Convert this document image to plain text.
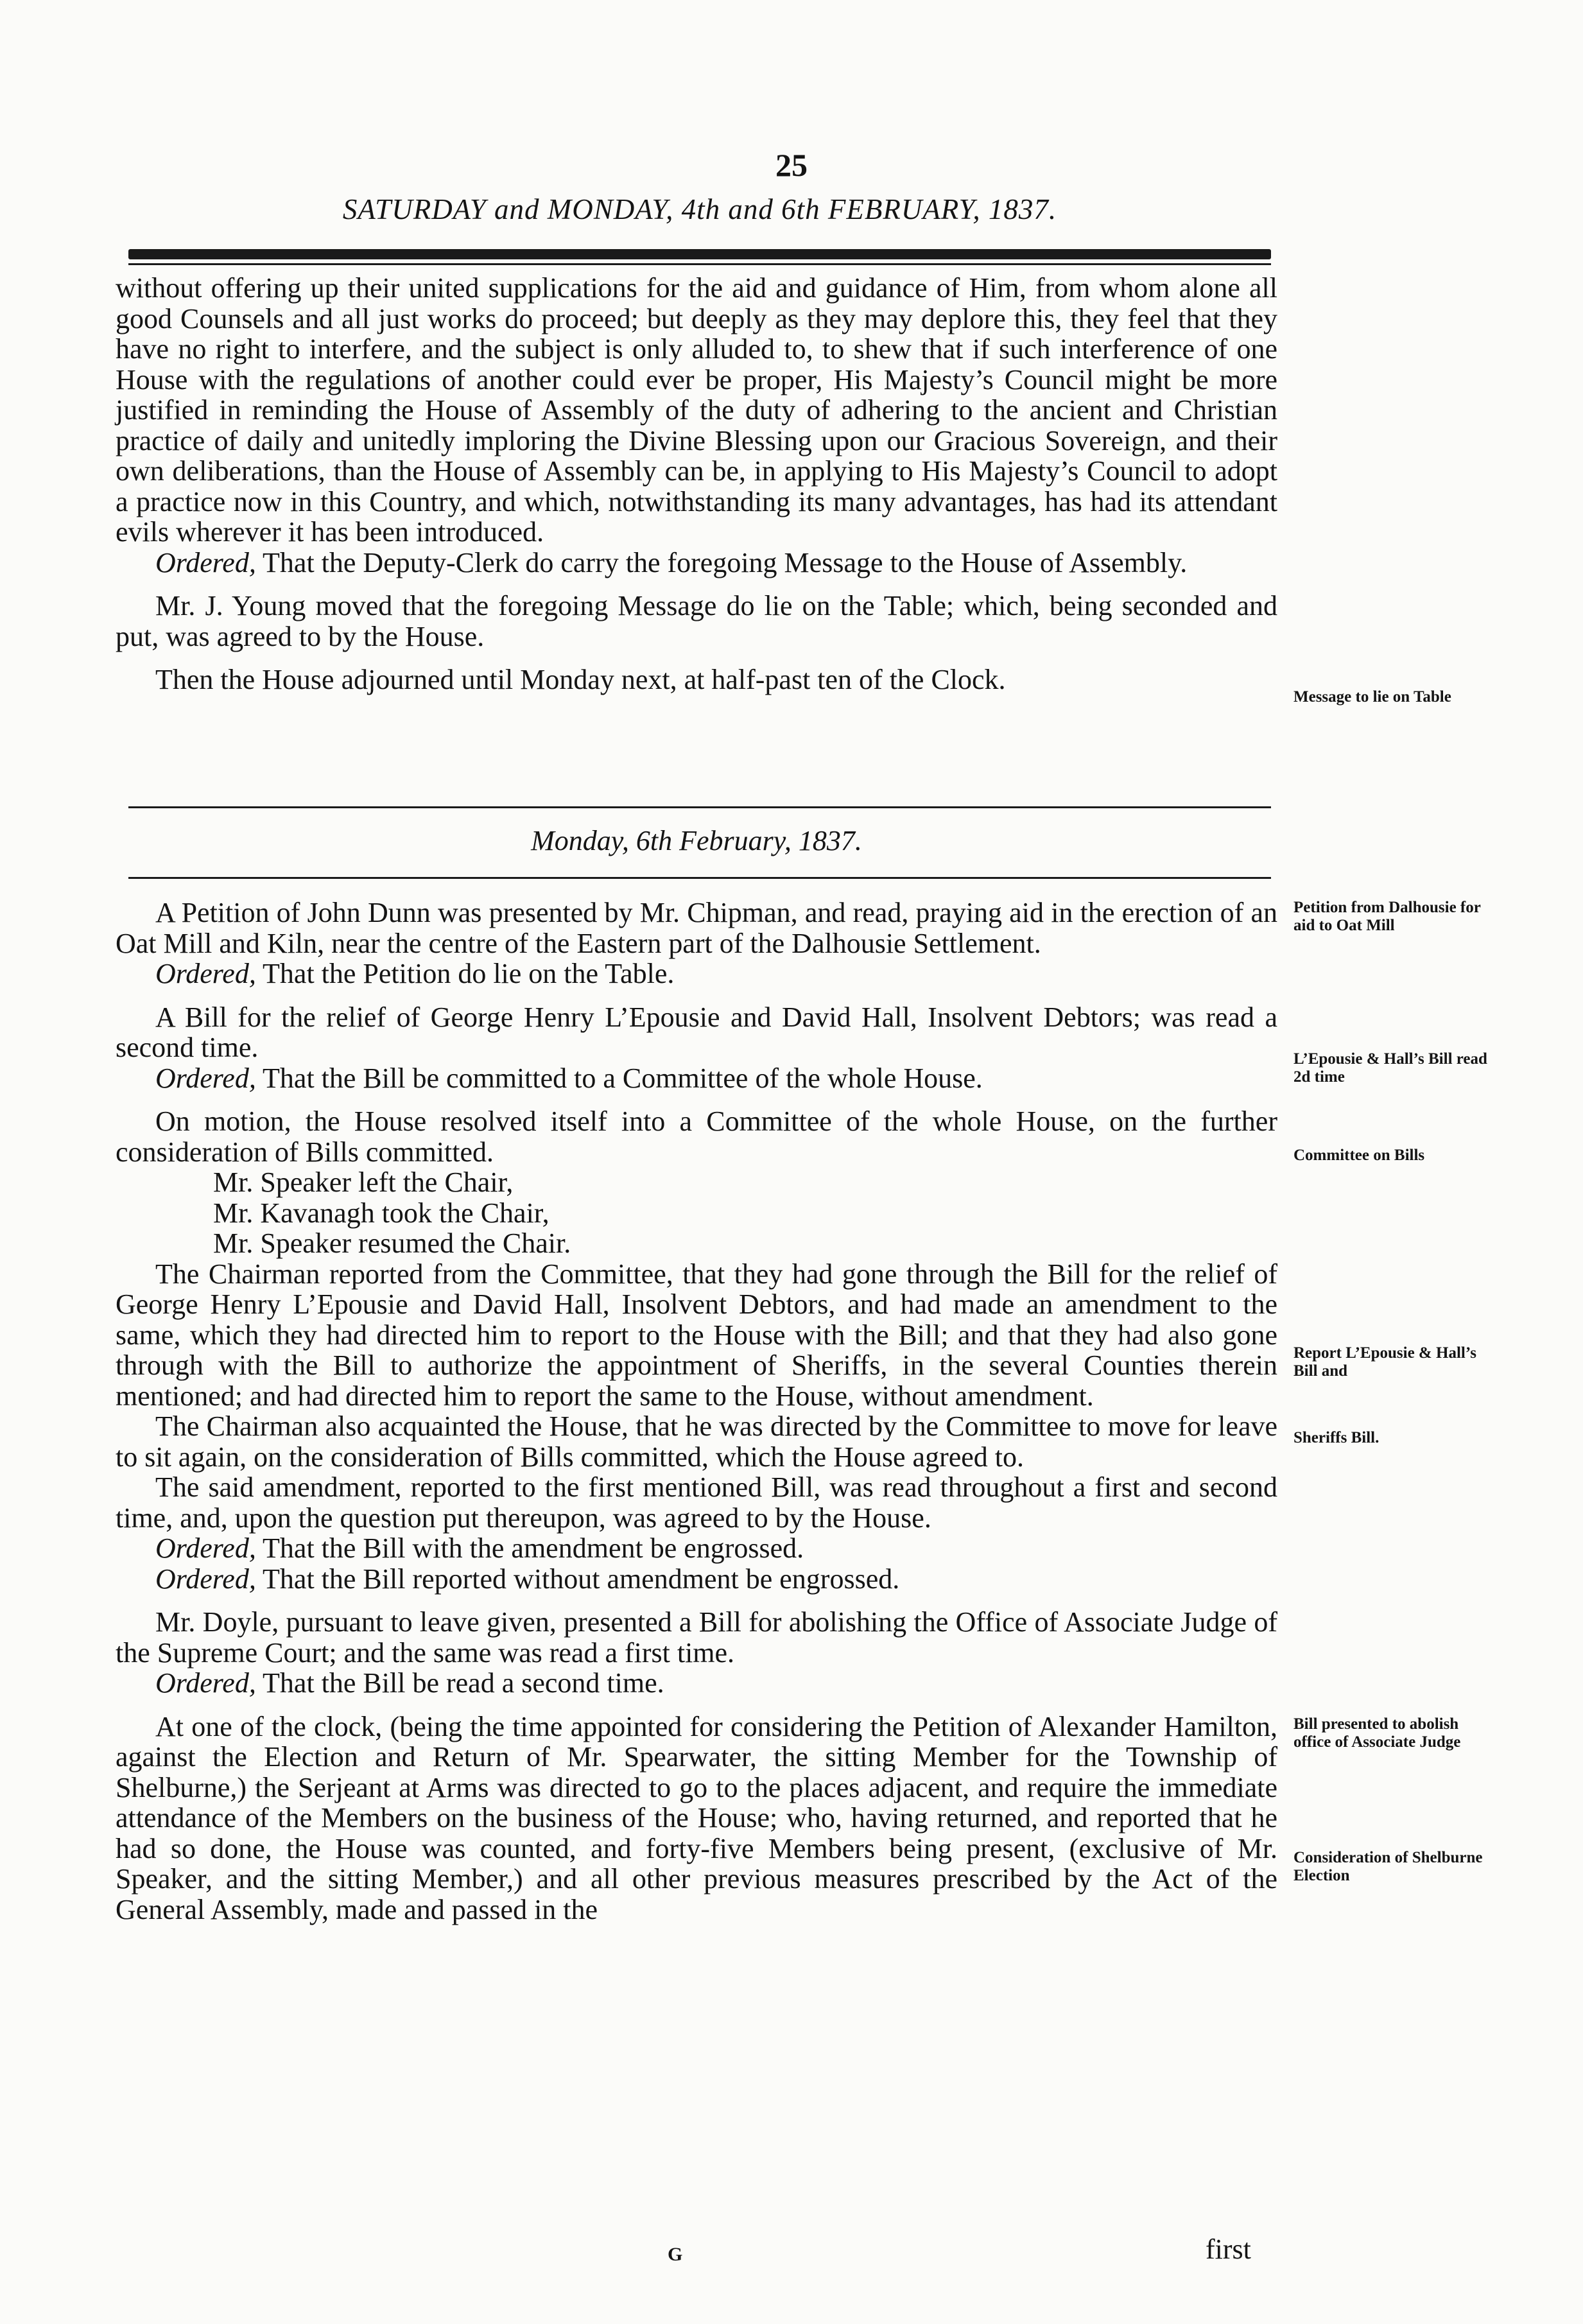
25
SATURDAY and MONDAY, 4th and 6th FEBRUARY, 1837.

without offering up their united supplications for the aid and guidance of Him, from whom alone all good Counsels and all just works do proceed; but deeply as they may deplore this, they feel that they have no right to interfere, and the subject is only alluded to, to shew that if such interference of one House with the regulations of another could ever be proper, His Majesty’s Council might be more justified in reminding the House of Assembly of the duty of adhering to the ancient and Christian practice of daily and unitedly imploring the Divine Blessing upon our Gracious Sovereign, and their own deliberations, than the House of Assembly can be, in applying to His Majesty’s Council to adopt a practice now in this Country, and which, notwithstanding its many advantages, has had its attendant evils wherever it has been introduced.

Ordered, That the Deputy-Clerk do carry the foregoing Message to the House of Assembly.

Mr. J. Young moved that the foregoing Message do lie on the Table; which, being seconded and put, was agreed to by the House.

Then the House adjourned until Monday next, at half-past ten of the Clock.

Monday, 6th February, 1837.

A Petition of John Dunn was presented by Mr. Chipman, and read, praying aid in the erection of an Oat Mill and Kiln, near the centre of the Eastern part of the Dalhousie Settlement.

Ordered, That the Petition do lie on the Table.

A Bill for the relief of George Henry L’Epousie and David Hall, Insolvent Debtors; was read a second time.

Ordered, That the Bill be committed to a Committee of the whole House.

On motion, the House resolved itself into a Committee of the whole House, on the further consideration of Bills committed.

Mr. Speaker left the Chair,

Mr. Kavanagh took the Chair,

Mr. Speaker resumed the Chair.

The Chairman reported from the Committee, that they had gone through the Bill for the relief of George Henry L’Epousie and David Hall, Insolvent Debtors, and had made an amendment to the same, which they had directed him to report to the House with the Bill; and that they had also gone through with the Bill to authorize the appointment of Sheriffs, in the several Counties therein mentioned; and had directed him to report the same to the House, without amendment.

The Chairman also acquainted the House, that he was directed by the Committee to move for leave to sit again, on the consideration of Bills committed, which the House agreed to.

The said amendment, reported to the first mentioned Bill, was read throughout a first and second time, and, upon the question put thereupon, was agreed to by the House.

Ordered, That the Bill with the amendment be engrossed.

Ordered, That the Bill reported without amendment be engrossed.

Mr. Doyle, pursuant to leave given, presented a Bill for abolishing the Office of Associate Judge of the Supreme Court; and the same was read a first time.

Ordered, That the Bill be read a second time.

At one of the clock, (being the time appointed for considering the Petition of Alexander Hamilton, against the Election and Return of Mr. Spearwater, the sitting Member for the Township of Shelburne,) the Serjeant at Arms was directed to go to the places adjacent, and require the immediate attendance of the Members on the business of the House; who, having returned, and reported that he had so done, the House was counted, and forty-five Members being present, (exclusive of Mr. Speaker, and the sitting Member,) and all other previous measures prescribed by the Act of the General Assembly, made and passed in the

Message to lie on Table
Petition from Dalhousie for aid to Oat Mill
L’Epousie & Hall’s Bill read 2d time
Committee on Bills
Report L’Epousie & Hall’s Bill and
Sheriffs Bill.
Bill presented to abolish office of Associate Judge
Consideration of Shelburne Election
G	first
